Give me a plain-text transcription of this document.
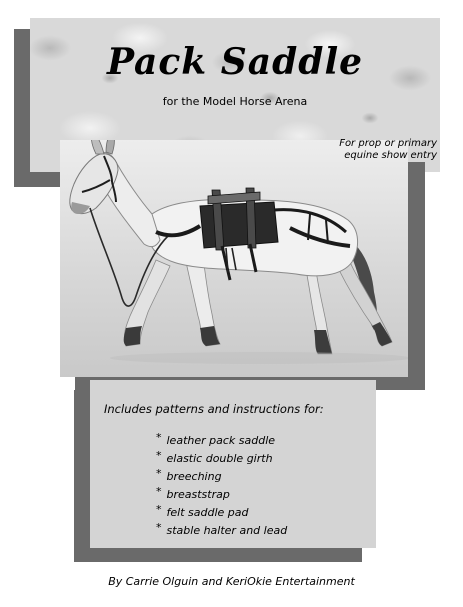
Pack Saddle
for the Model Horse Arena
For prop or primary
equine show entry
Includes patterns and instructions for:
* leather pack saddle
* elastic double girth
* breeching
* breaststrap
* felt saddle pad
* stable halter and lead
By Carrie Olguin and KeriOkie Entertainment
